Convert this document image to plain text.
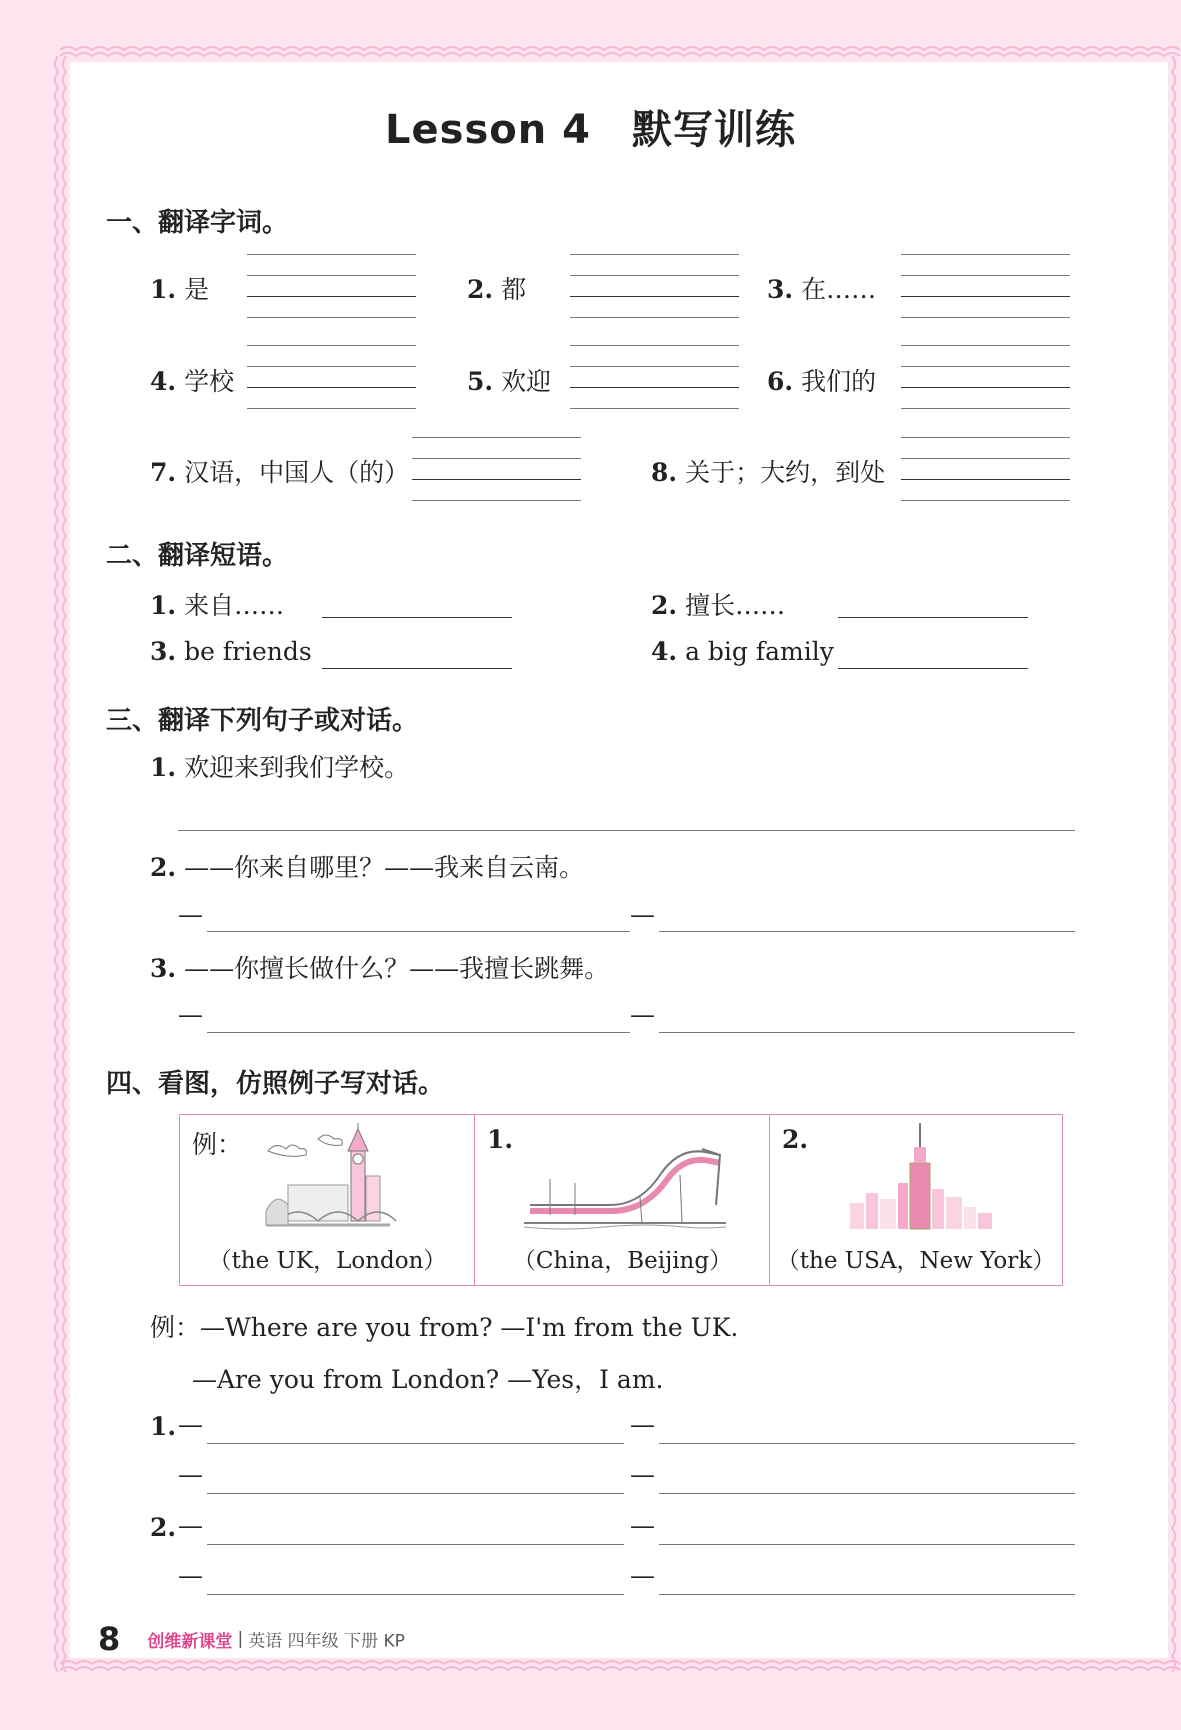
Lesson 4　默写训练
一、翻译字词。
1. 是	2. 都	3. 在……
4. 学校	5. 欢迎	6. 我们的
7. 汉语，中国人（的）	8. 关于；大约，到处
二、翻译短语。
1. 来自……	2. 擅长……
3. be friends	4. a big family
三、翻译下列句子或对话。
1. 欢迎来到我们学校。
2. ——你来自哪里？——我来自云南。
—	—
3. ——你擅长做什么？——我擅长跳舞。
—	—
四、看图，仿照例子写对话。
例：
（the UK，London）
1.
（China，Beijing）
2.
（the USA，New York）
例：—Where are you from? —I'm from the UK.
—Are you from London? —Yes，I am.
1. —	—
—	—
2. —	—
—	—
8 创维新课堂 | 英语 四年级 下册 KP
